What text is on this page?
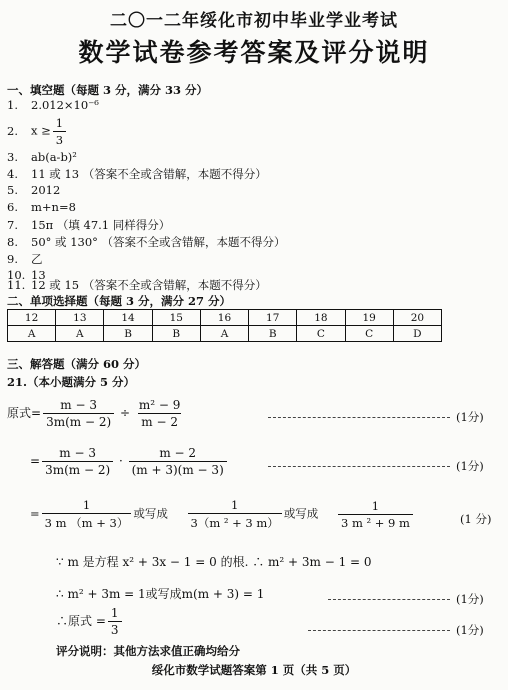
二〇一二年绥化市初中毕业学业考试
数学试卷参考答案及评分说明
一、填空题（每题 3 分，满分 33 分）
1. 2.012×10⁻⁶
2. $x \ge \frac{1}{3}$
3. ab(a-b)²
4. 11 或 13 （答案不全或含错解，本题不得分）
5. 2012
6. m+n=8
7. 15π （填 47.1 同样得分）
8. 50° 或 130° （答案不全或含错解，本题不得分）
9. 乙
10. 13
11. 12 或 15 （答案不全或含错解，本题不得分）
二、单项选择题（每题 3 分，满分 27 分）
12	13	14	15	16	17	18	19	20
A	A	B	B	A	B	C	C	D
三、解答题（满分 60 分）
21.（本小题满分 5 分）
原式= $\frac{m - 3}{3m(m - 2)} \div \frac{\text{m² − 9}}{m - 2}$	(1分)
= $\frac{m - 3}{3m(m - 2)} \cdot \frac{m - 2}{(m + 3)(m - 3)}$	(1分)
= $\frac{1}{3 m (m + 3)}$ 或写成 $\frac{1}{\text{3（m ² + 3 m）}}$ 或写成 $\frac{1}{\text{3 m ² + 9 m}}$	(1 分)
∵ m 是方程 x² + 3x − 1 = 0 的根. ∴ m² + 3m − 1 = 0
∴ m² + 3m = 1或写成m(m + 3) = 1	(1分)
∴原式 = $\frac{1}{3}$	(1分)
评分说明：其他方法求值正确均给分
绥化市数学试题答案第 1 页（共 5 页）
